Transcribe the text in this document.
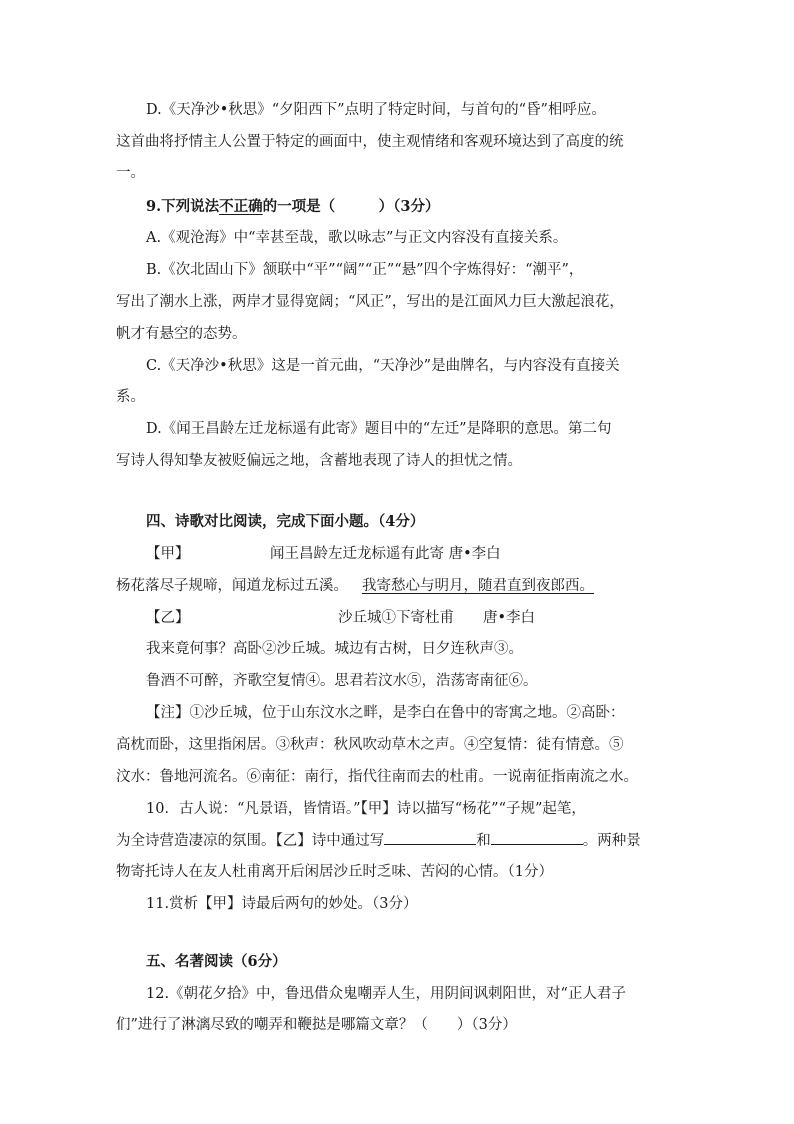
D.《天净沙•秋思》“夕阳西下”点明了特定时间，与首句的“昏”相呼应。
这首曲将抒情主人公置于特定的画面中，使主观情绪和客观环境达到了高度的统
一。
9.下列说法不正确的一项是（　　　）（3分）
A.《观沧海》中“幸甚至哉，歌以咏志”与正文内容没有直接关系。
B.《次北固山下》颔联中“平”“阔”“正”“悬”四个字炼得好：“潮平”，
写出了潮水上涨，两岸才显得宽阔；“风正”，写出的是江面风力巨大激起浪花，
帆才有悬空的态势。
C.《天净沙•秋思》这是一首元曲，“天净沙”是曲牌名，与内容没有直接关
系。
D.《闻王昌龄左迁龙标遥有此寄》题目中的“左迁”是降职的意思。第二句
写诗人得知挚友被贬偏远之地，含蓄地表现了诗人的担忧之情。
四、诗歌对比阅读，完成下面小题。（4分）
【甲】	闻王昌龄左迁龙标遥有此寄 唐•李白
杨花落尽子规啼，闻道龙标过五溪。 我寄愁心与明月，随君直到夜郎西。
【乙】	沙丘城①下寄杜甫　　唐•李白
我来竟何事？高卧②沙丘城。城边有古树，日夕连秋声③。
鲁酒不可醉，齐歌空复情④。思君若汶水⑤，浩荡寄南征⑥。
【注】①沙丘城，位于山东汶水之畔，是李白在鲁中的寄寓之地。②高卧：
高枕而卧，这里指闲居。③秋声：秋风吹动草木之声。④空复情：徒有情意。⑤
汶水：鲁地河流名。⑥南征：南行，指代往南而去的杜甫。一说南征指南流之水。
10．古人说：“凡景语，皆情语。”【甲】诗以描写“杨花”“子规”起笔，
为全诗营造凄凉的氛围。【乙】诗中通过写	和	。两种景
物寄托诗人在友人杜甫离开后闲居沙丘时乏味、苦闷的心情。（1分）
11.赏析【甲】诗最后两句的妙处。（3分）
五、名著阅读（6分）
12.《朝花夕拾》中，鲁迅借众鬼嘲弄人生，用阴间讽刺阳世，对“正人君子
们”进行了淋漓尽致的嘲弄和鞭挞是哪篇文章？（　　）（3分）
